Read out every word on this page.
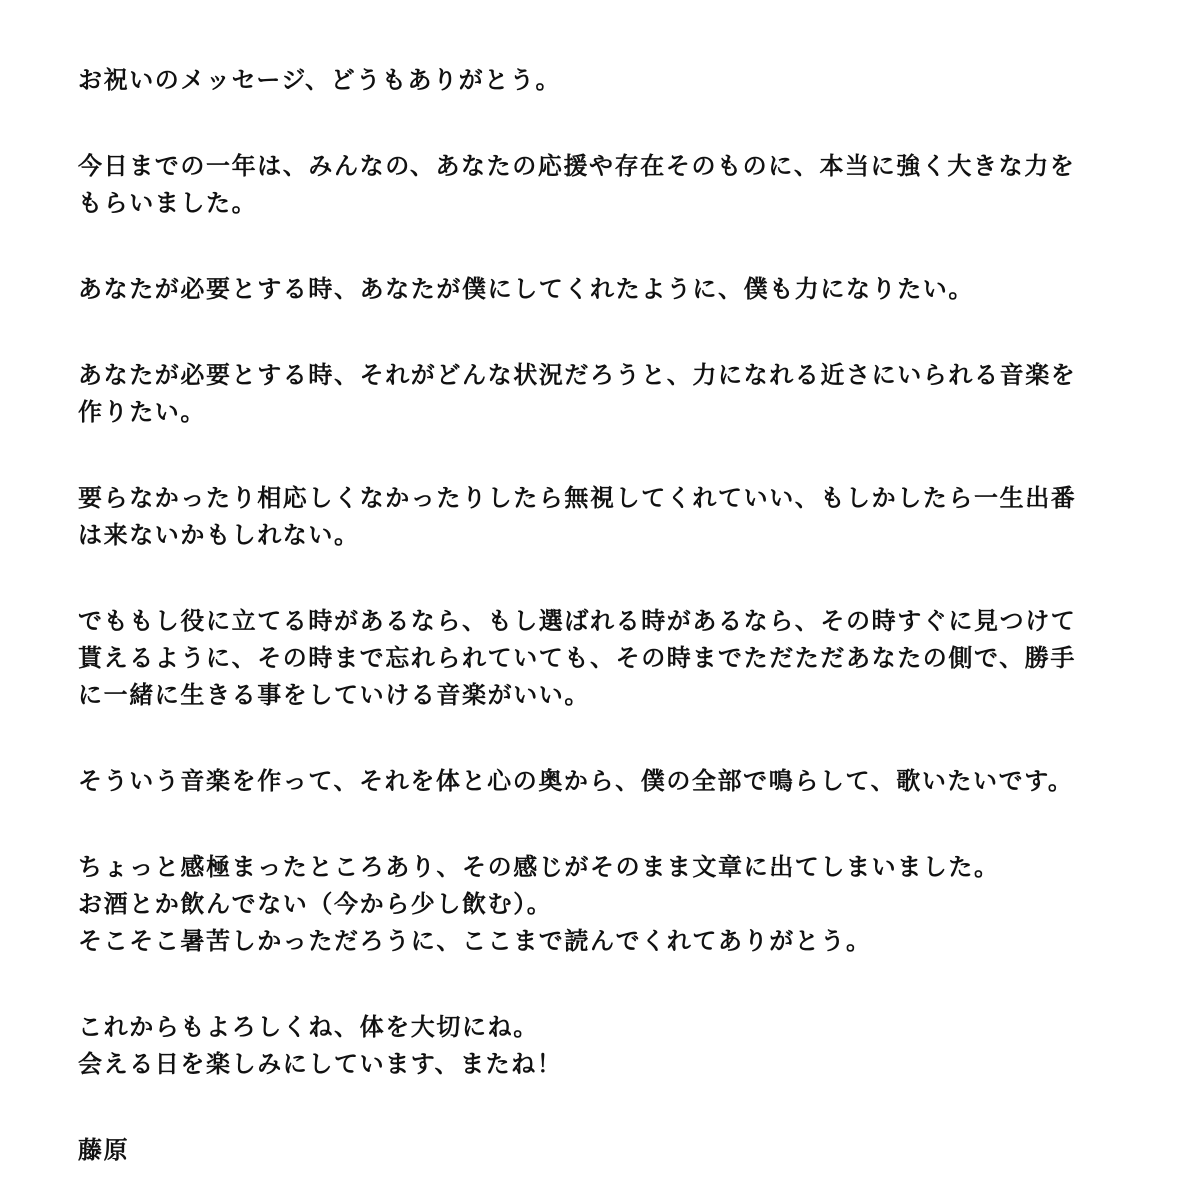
お祝いのメッセージ、どうもありがとう。
今日までの一年は、みんなの、あなたの応援や存在そのものに、本当に強く大きな力を
もらいました。
あなたが必要とする時、あなたが僕にしてくれたように、僕も力になりたい。
あなたが必要とする時、それがどんな状況だろうと、力になれる近さにいられる音楽を
作りたい。
要らなかったり相応しくなかったりしたら無視してくれていい、もしかしたら一生出番
は来ないかもしれない。
でももし役に立てる時があるなら、もし選ばれる時があるなら、その時すぐに見つけて
貰えるように、その時まで忘れられていても、その時までただただあなたの側で、勝手
に一緒に生きる事をしていける音楽がいい。
そういう音楽を作って、それを体と心の奥から、僕の全部で鳴らして、歌いたいです。
ちょっと感極まったところあり、その感じがそのまま文章に出てしまいました。
お酒とか飲んでない（今から少し飲む）。
そこそこ暑苦しかっただろうに、ここまで読んでくれてありがとう。
これからもよろしくね、体を大切にね。
会える日を楽しみにしています、またね！
藤原
